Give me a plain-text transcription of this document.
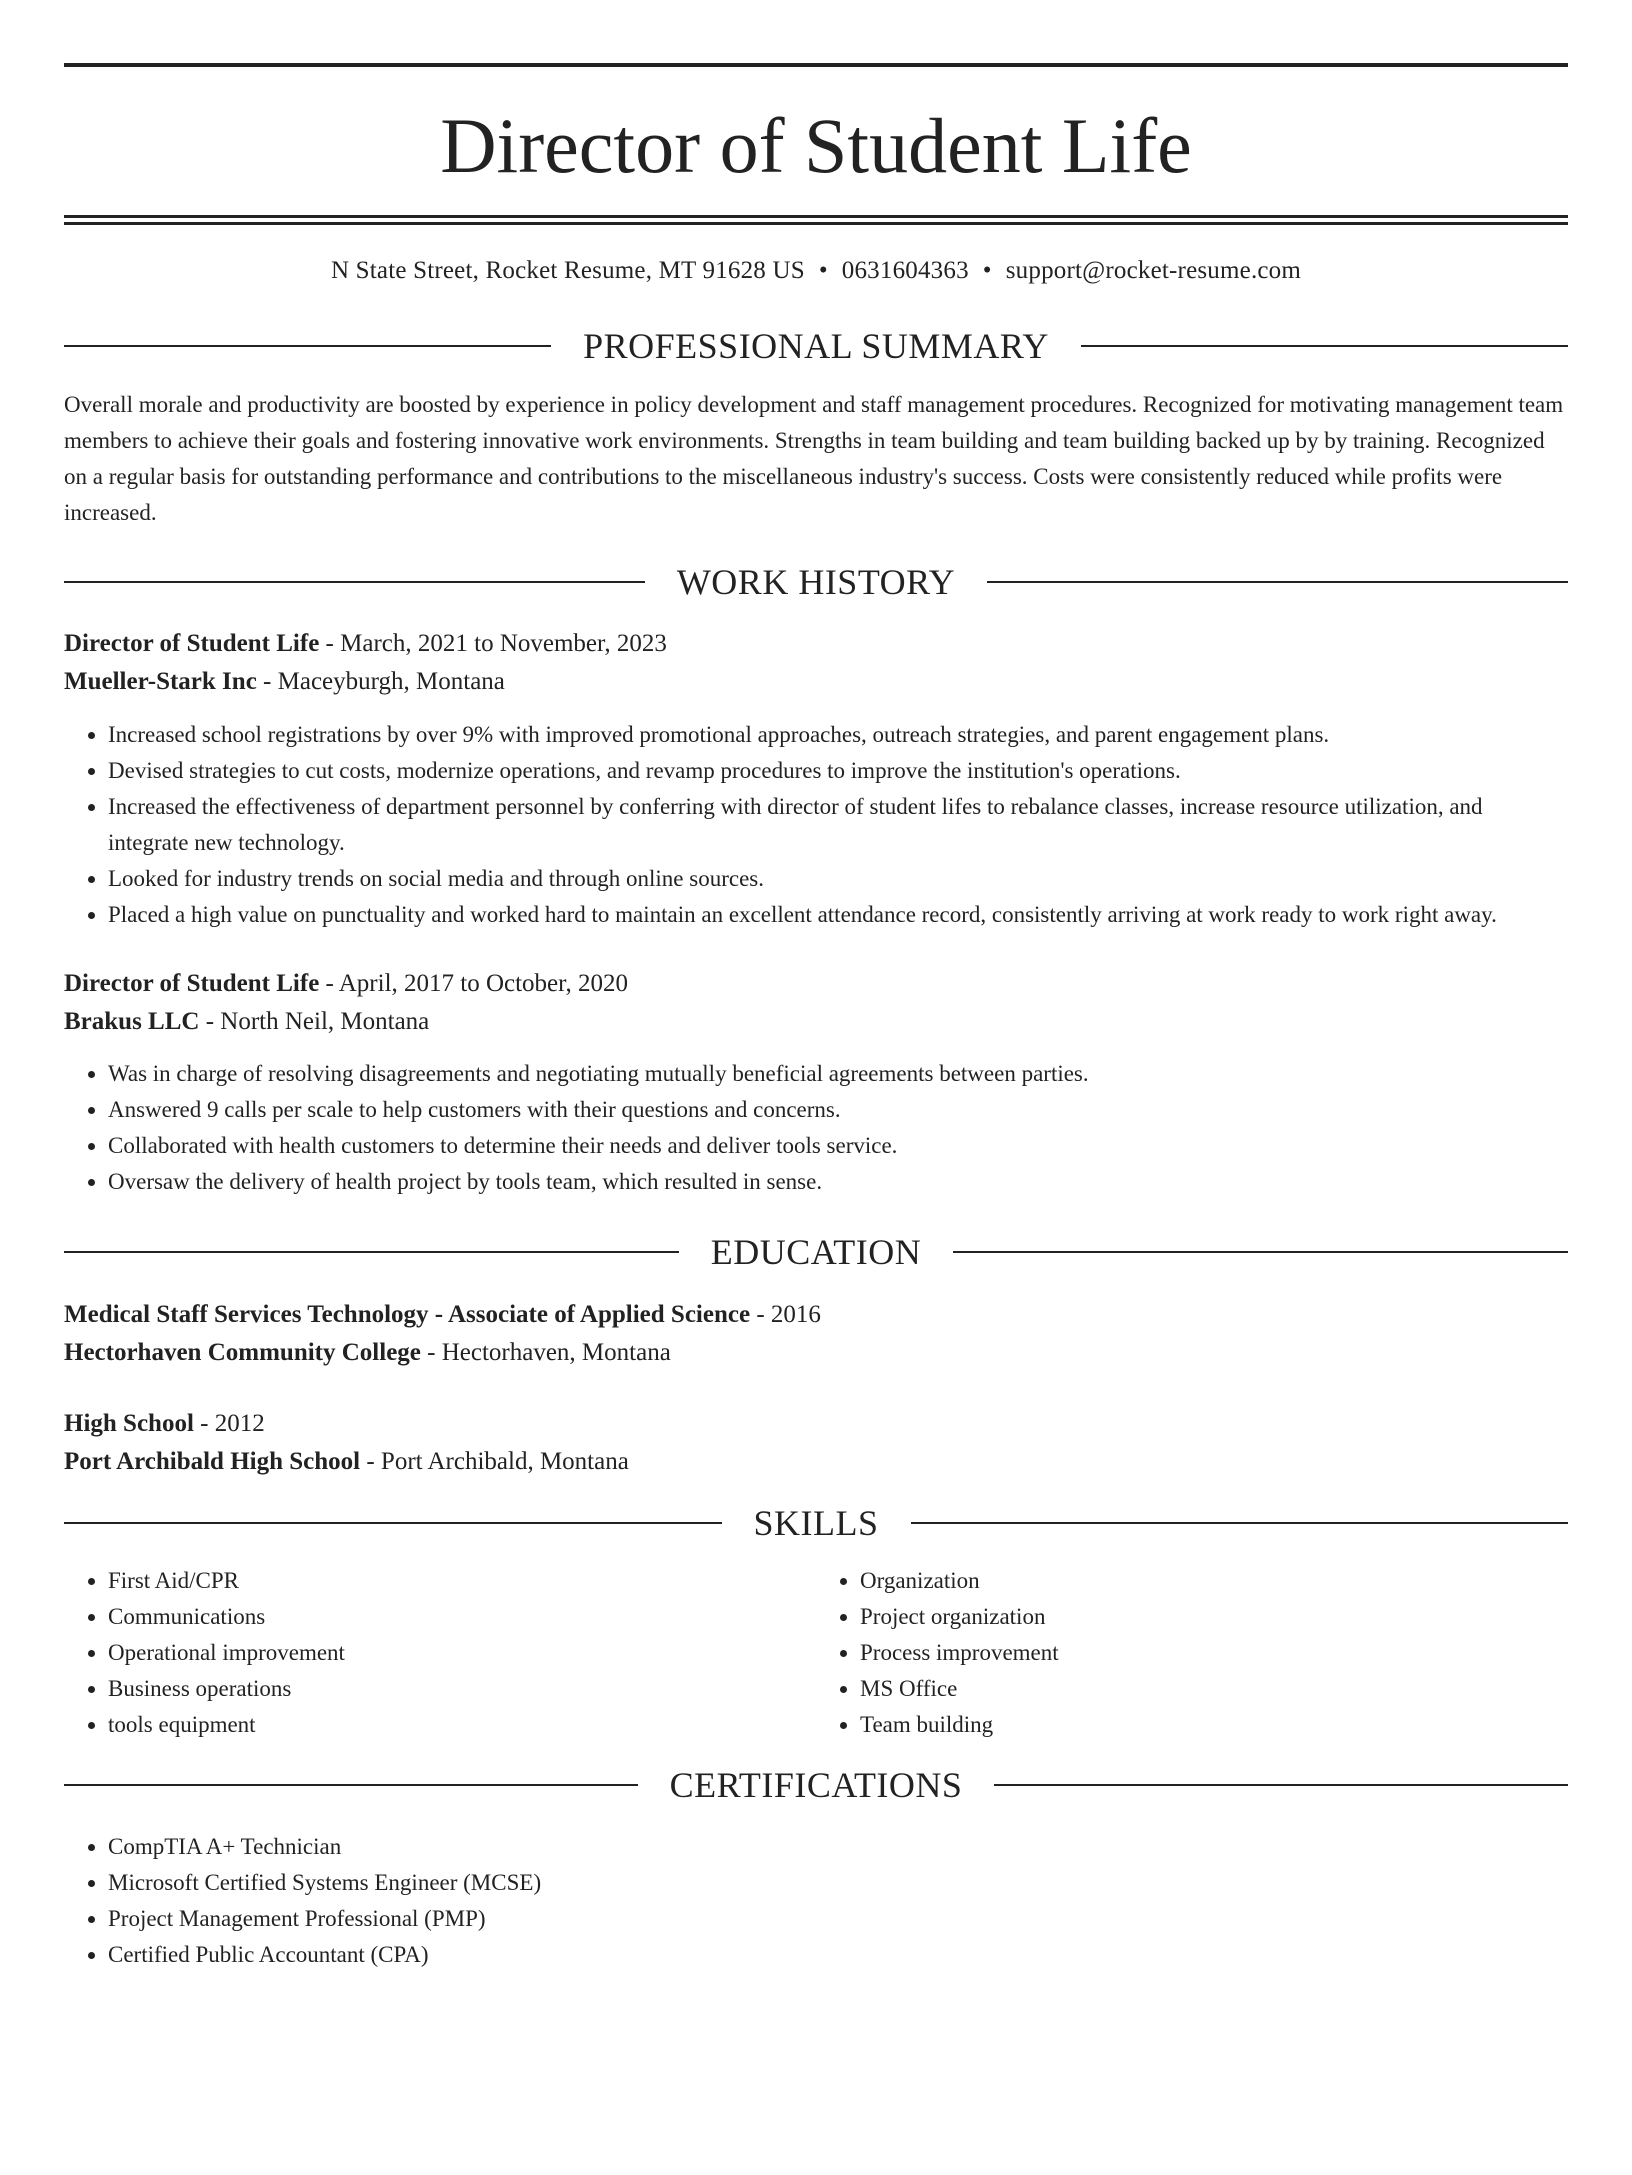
Director of Student Life
N State Street, Rocket Resume, MT 91628 US • 0631604363 • support@rocket-resume.com
PROFESSIONAL SUMMARY

Overall morale and productivity are boosted by experience in policy development and staff management procedures. Recognized for motivating management team members to achieve their goals and fostering innovative work environments. Strengths in team building and team building backed up by by training. Recognized on a regular basis for outstanding performance and contributions to the miscellaneous industry's success. Costs were consistently reduced while profits were increased.

WORK HISTORY
Director of Student Life - March, 2021 to November, 2023
Mueller-Stark Inc - Maceyburgh, Montana
• Increased school registrations by over 9% with improved promotional approaches, outreach strategies, and parent engagement plans.
• Devised strategies to cut costs, modernize operations, and revamp procedures to improve the institution's operations.
• Increased the effectiveness of department personnel by conferring with director of student lifes to rebalance classes, increase resource utilization, and integrate new technology.
• Looked for industry trends on social media and through online sources.
• Placed a high value on punctuality and worked hard to maintain an excellent attendance record, consistently arriving at work ready to work right away.
Director of Student Life - April, 2017 to October, 2020
Brakus LLC - North Neil, Montana
• Was in charge of resolving disagreements and negotiating mutually beneficial agreements between parties.
• Answered 9 calls per scale to help customers with their questions and concerns.
• Collaborated with health customers to determine their needs and deliver tools service.
• Oversaw the delivery of health project by tools team, which resulted in sense.
EDUCATION
Medical Staff Services Technology - Associate of Applied Science - 2016
Hectorhaven Community College - Hectorhaven, Montana
High School - 2012
Port Archibald High School - Port Archibald, Montana
SKILLS
• First Aid/CPR
• Communications
• Operational improvement
• Business operations
• tools equipment
• Organization
• Project organization
• Process improvement
• MS Office
• Team building
CERTIFICATIONS
• CompTIA A+ Technician
• Microsoft Certified Systems Engineer (MCSE)
• Project Management Professional (PMP)
• Certified Public Accountant (CPA)
